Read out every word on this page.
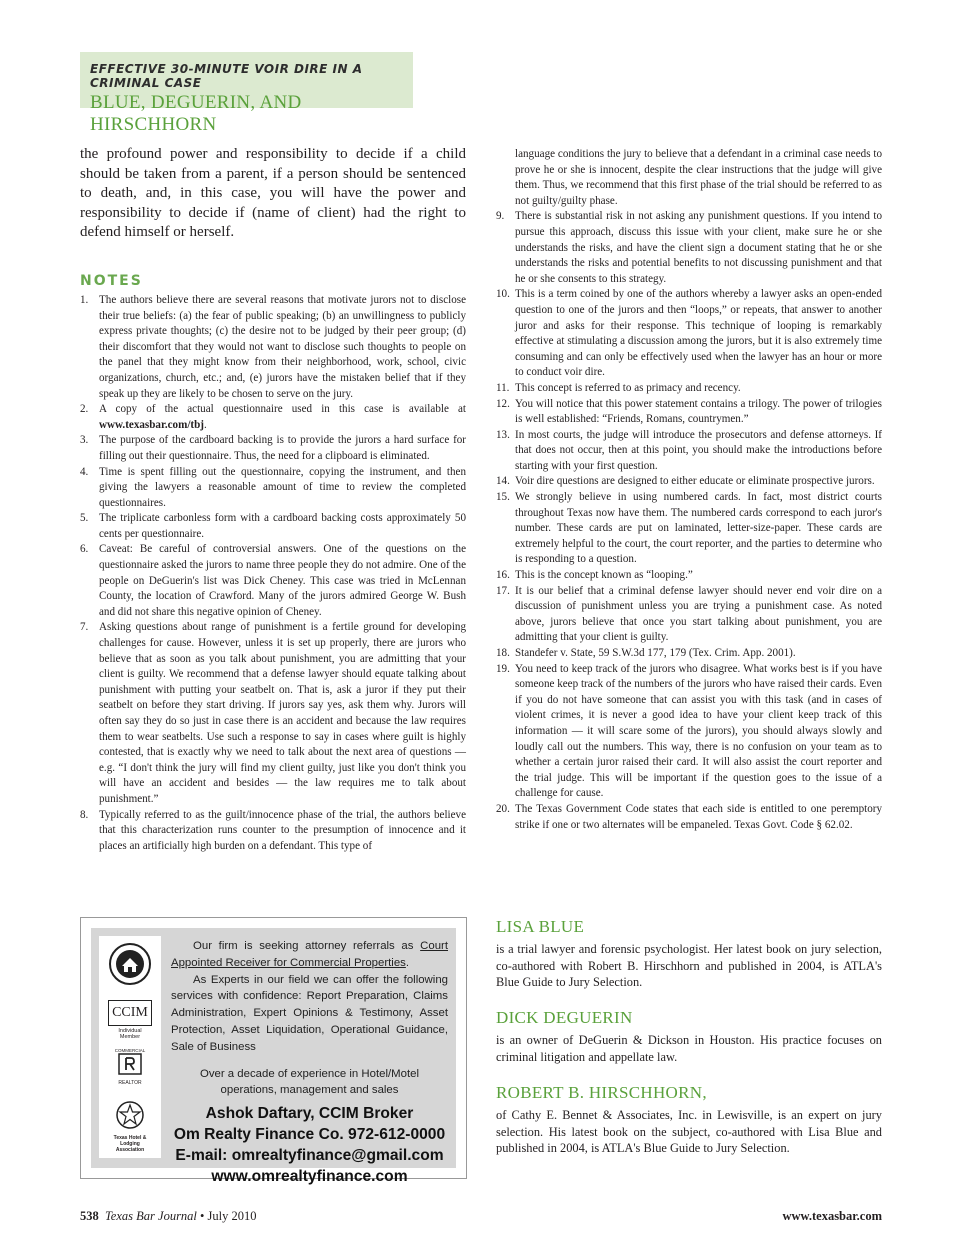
EFFECTIVE 30-MINUTE VOIR DIRE IN A CRIMINAL CASE
BLUE, DEGUERIN, AND HIRSCHHORN

the profound power and responsibility to decide if a child should be taken from a parent, if a person should be sentenced to death, and, in this case, you will have the power and responsibility to decide if (name of client) had the right to defend himself or herself.

NOTES
1. The authors believe there are several reasons that motivate jurors not to disclose their true beliefs: (a) the fear of public speaking; (b) an unwillingness to publicly express private thoughts; (c) the desire not to be judged by their peer group; (d) their discomfort that they would not want to disclose such thoughts to people on the panel that they might know from their neighborhood, work, school, civic organizations, church, etc.; and, (e) jurors have the mistaken belief that if they speak up they are likely to be chosen to serve on the jury.
2. A copy of the actual questionnaire used in this case is available at www.texasbar.com/tbj.
3. The purpose of the cardboard backing is to provide the jurors a hard surface for filling out their questionnaire. Thus, the need for a clipboard is eliminated.
4. Time is spent filling out the questionnaire, copying the instrument, and then giving the lawyers a reasonable amount of time to review the completed questionnaires.
5. The triplicate carbonless form with a cardboard backing costs approximately 50 cents per questionnaire.
6. Caveat: Be careful of controversial answers. One of the questions on the questionnaire asked the jurors to name three people they do not admire. One of the people on DeGuerin's list was Dick Cheney. This case was tried in McLennan County, the location of Crawford. Many of the jurors admired George W. Bush and did not share this negative opinion of Cheney.
7. Asking questions about range of punishment is a fertile ground for developing challenges for cause. However, unless it is set up properly, there are jurors who believe that as soon as you talk about punishment, you are admitting that your client is guilty. We recommend that a defense lawyer should equate talking about punishment with putting your seatbelt on. That is, ask a juror if they put their seatbelt on before they start driving. If jurors say yes, ask them why. Jurors will often say they do so just in case there is an accident and because the law requires them to wear seatbelts. Use such a response to say in cases where guilt is highly contested, that is exactly why we need to talk about the next area of questions — e.g. “I don't think the jury will find my client guilty, just like you don't think you will have an accident and besides — the law requires me to talk about punishment.”
8. Typically referred to as the guilt/innocence phase of the trial, the authors believe that this characterization runs counter to the presumption of innocence and it places an artificially high burden on a defendant. This type of

language conditions the jury to believe that a defendant in a criminal case needs to prove he or she is innocent, despite the clear instructions that the judge will give them. Thus, we recommend that this first phase of the trial should be referred to as not guilty/guilty phase.

9. There is substantial risk in not asking any punishment questions. If you intend to pursue this approach, discuss this issue with your client, make sure he or she understands the risks, and have the client sign a document stating that he or she understands the risks and potential benefits to not discussing punishment and that he or she consents to this strategy.
10. This is a term coined by one of the authors whereby a lawyer asks an open-ended question to one of the jurors and then “loops,” or repeats, that answer to another juror and asks for their response. This technique of looping is remarkably effective at stimulating a discussion among the jurors, but it is also extremely time consuming and can only be effectively used when the lawyer has an hour or more to conduct voir dire.
11. This concept is referred to as primacy and recency.
12. You will notice that this power statement contains a trilogy. The power of trilogies is well established: “Friends, Romans, countrymen.”
13. In most courts, the judge will introduce the prosecutors and defense attorneys. If that does not occur, then at this point, you should make the introductions before starting with your first question.
14. Voir dire questions are designed to either educate or eliminate prospective jurors.
15. We strongly believe in using numbered cards. In fact, most district courts throughout Texas now have them. The numbered cards correspond to each juror's number. These cards are put on laminated, letter-size-paper. These cards are extremely helpful to the court, the court reporter, and the parties to determine who is responding to a question.
16. This is the concept known as “looping.”
17. It is our belief that a criminal defense lawyer should never end voir dire on a discussion of punishment unless you are trying a punishment case. As noted above, jurors believe that once you start talking about punishment, you are admitting that your client is guilty.
18. Standefer v. State, 59 S.W.3d 177, 179 (Tex. Crim. App. 2001).
19. You need to keep track of the jurors who disagree. What works best is if you have someone keep track of the numbers of the jurors who have raised their cards. Even if you do not have someone that can assist you with this task (and in cases of violent crimes, it is never a good idea to have your client keep track of this information — it will scare some of the jurors), you should always slowly and loudly call out the numbers. This way, there is no confusion on your team as to whether a certain juror raised their card. It will also assist the court reporter and the trial judge. This will be important if the question goes to the issue of a challenge for cause.
20. The Texas Government Code states that each side is entitled to one peremptory strike if one or two alternates will be empaneled. Texas Govt. Code § 62.02.
CCIM
Individual Member
COMMERCIAL
REALTOR
Texas Hotel & Lodging Association

Our firm is seeking attorney referrals as Court Appointed Receiver for Commercial Properties.

As Experts in our field we can offer the following services with confidence: Report Preparation, Claims Administration, Expert Opinions & Testimony, Asset Protection, Asset Liquidation, Operational Guidance, Sale of Business

Over a decade of experience in Hotel/Motel operations, management and sales
Ashok Daftary, CCIM Broker
Om Realty Finance Co. 972-612-0000
E-mail: omrealtyfinance@gmail.com
www.omrealtyfinance.com

LISA BLUE

is a trial lawyer and forensic psychologist. Her latest book on jury selection, co-authored with Robert B. Hirschhorn and published in 2004, is ATLA's Blue Guide to Jury Selection.

DICK DEGUERIN

is an owner of DeGuerin & Dickson in Houston. His practice focuses on criminal litigation and appellate law.

ROBERT B. HIRSCHHORN,

of Cathy E. Bennet & Associates, Inc. in Lewisville, is an expert on jury selection. His latest book on the subject, co-authored with Lisa Blue and published in 2004, is ATLA's Blue Guide to Jury Selection.

538 Texas Bar Journal • July 2010	www.texasbar.com
